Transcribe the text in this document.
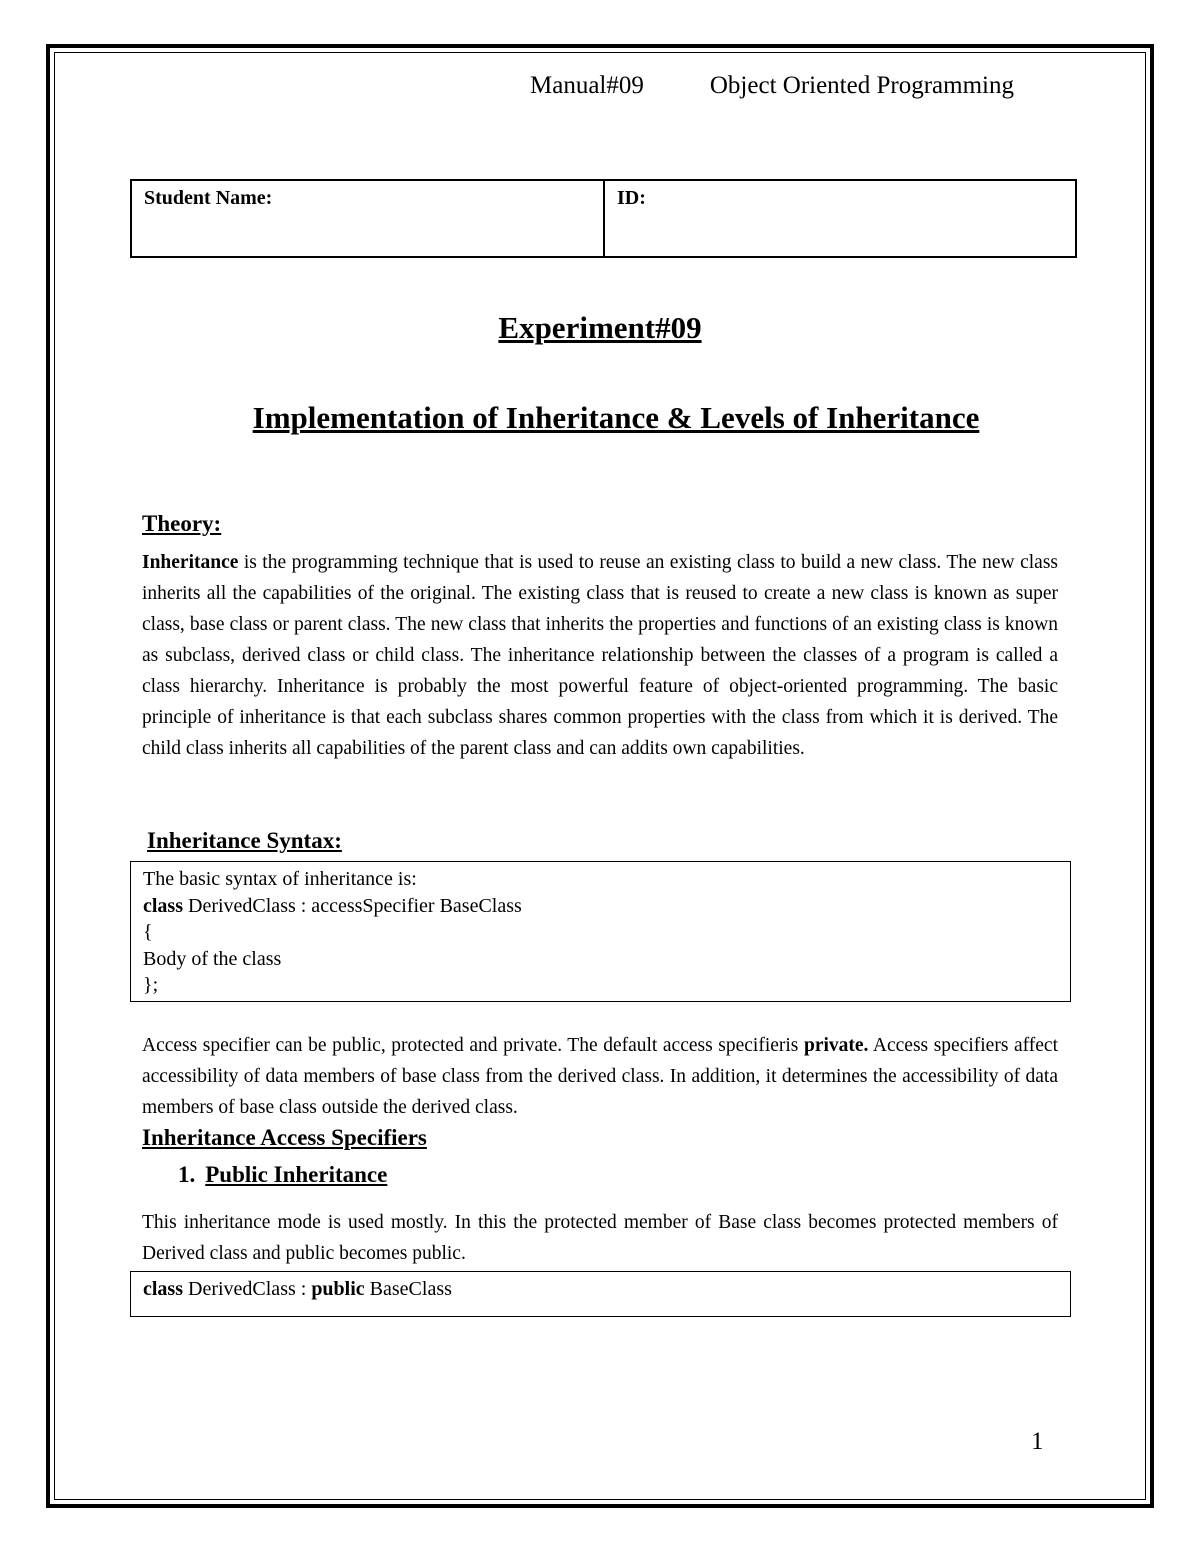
Manual#09	Object Oriented Programming
Student Name:	ID:
Experiment#09
Implementation of Inheritance & Levels of Inheritance
Theory:
Inheritance is the programming technique that is used to reuse an existing class to build a new class. The new class inherits all the capabilities of the original. The existing class that is reused to create a new class is known as super class, base class or parent class. The new class that inherits the properties and functions of an existing class is known as subclass, derived class or child class. The inheritance relationship between the classes of a program is called a class hierarchy. Inheritance is probably the most powerful feature of object-oriented programming. The basic principle of inheritance is that each subclass shares common properties with the class from which it is derived. The child class inherits all capabilities of the parent class and can addits own capabilities.
Inheritance Syntax:
The basic syntax of inheritance is:
class DerivedClass : accessSpecifier BaseClass
{
Body of the class
};
Access specifier can be public, protected and private. The default access specifieris private. Access specifiers affect accessibility of data members of base class from the derived class. In addition, it determines the accessibility of data members of base class outside the derived class.
Inheritance Access Specifiers
1. Public Inheritance
This inheritance mode is used mostly. In this the protected member of Base class becomes protected members of Derived class and public becomes public.
class DerivedClass : public BaseClass
1
